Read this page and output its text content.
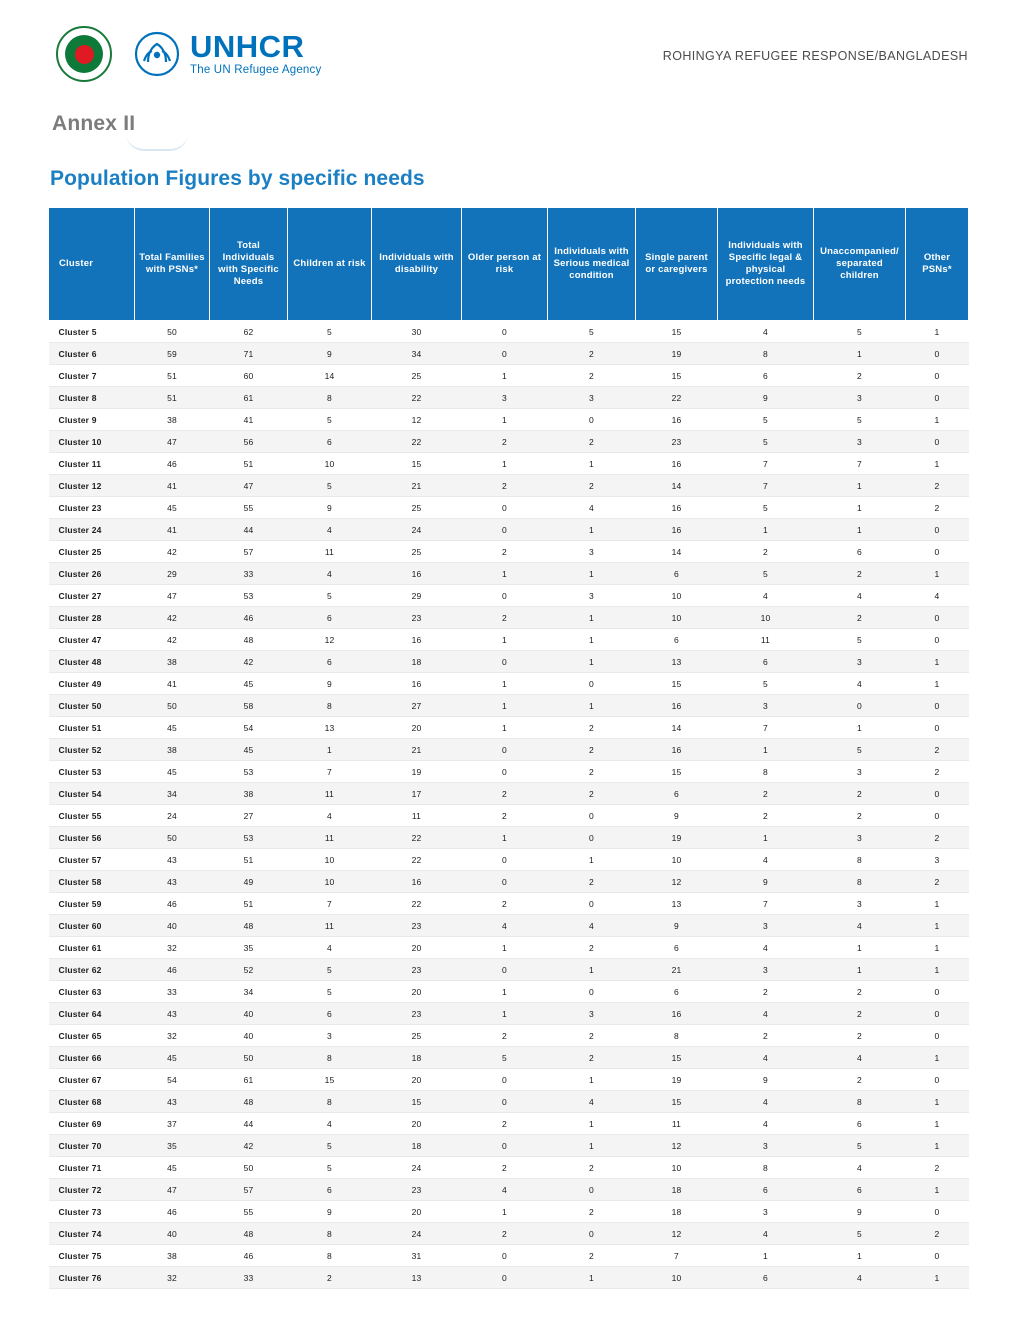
UNHCR
The UN Refugee Agency
ROHINGYA REFUGEE RESPONSE/BANGLADESH
Annex II
Population Figures by specific needs
Cluster	Total Families with PSNs*	Total Individuals with Specific Needs	Children at risk	Individuals with disability	Older person at risk	Individuals with Serious medical condition	Single parent or caregivers	Individuals with Specific legal & physical protection needs	Unaccompanied/ separated children	Other PSNs*
Cluster 5	50	62	5	30	0	5	15	4	5	1
Cluster 6	59	71	9	34	0	2	19	8	1	0
Cluster 7	51	60	14	25	1	2	15	6	2	0
Cluster 8	51	61	8	22	3	3	22	9	3	0
Cluster 9	38	41	5	12	1	0	16	5	5	1
Cluster 10	47	56	6	22	2	2	23	5	3	0
Cluster 11	46	51	10	15	1	1	16	7	7	1
Cluster 12	41	47	5	21	2	2	14	7	1	2
Cluster 23	45	55	9	25	0	4	16	5	1	2
Cluster 24	41	44	4	24	0	1	16	1	1	0
Cluster 25	42	57	11	25	2	3	14	2	6	0
Cluster 26	29	33	4	16	1	1	6	5	2	1
Cluster 27	47	53	5	29	0	3	10	4	4	4
Cluster 28	42	46	6	23	2	1	10	10	2	0
Cluster 47	42	48	12	16	1	1	6	11	5	0
Cluster 48	38	42	6	18	0	1	13	6	3	1
Cluster 49	41	45	9	16	1	0	15	5	4	1
Cluster 50	50	58	8	27	1	1	16	3	0	0
Cluster 51	45	54	13	20	1	2	14	7	1	0
Cluster 52	38	45	1	21	0	2	16	1	5	2
Cluster 53	45	53	7	19	0	2	15	8	3	2
Cluster 54	34	38	11	17	2	2	6	2	2	0
Cluster 55	24	27	4	11	2	0	9	2	2	0
Cluster 56	50	53	11	22	1	0	19	1	3	2
Cluster 57	43	51	10	22	0	1	10	4	8	3
Cluster 58	43	49	10	16	0	2	12	9	8	2
Cluster 59	46	51	7	22	2	0	13	7	3	1
Cluster 60	40	48	11	23	4	4	9	3	4	1
Cluster 61	32	35	4	20	1	2	6	4	1	1
Cluster 62	46	52	5	23	0	1	21	3	1	1
Cluster 63	33	34	5	20	1	0	6	2	2	0
Cluster 64	43	40	6	23	1	3	16	4	2	0
Cluster 65	32	40	3	25	2	2	8	2	2	0
Cluster 66	45	50	8	18	5	2	15	4	4	1
Cluster 67	54	61	15	20	0	1	19	9	2	0
Cluster 68	43	48	8	15	0	4	15	4	8	1
Cluster 69	37	44	4	20	2	1	11	4	6	1
Cluster 70	35	42	5	18	0	1	12	3	5	1
Cluster 71	45	50	5	24	2	2	10	8	4	2
Cluster 72	47	57	6	23	4	0	18	6	6	1
Cluster 73	46	55	9	20	1	2	18	3	9	0
Cluster 74	40	48	8	24	2	0	12	4	5	2
Cluster 75	38	46	8	31	0	2	7	1	1	0
Cluster 76	32	33	2	13	0	1	10	6	4	1
